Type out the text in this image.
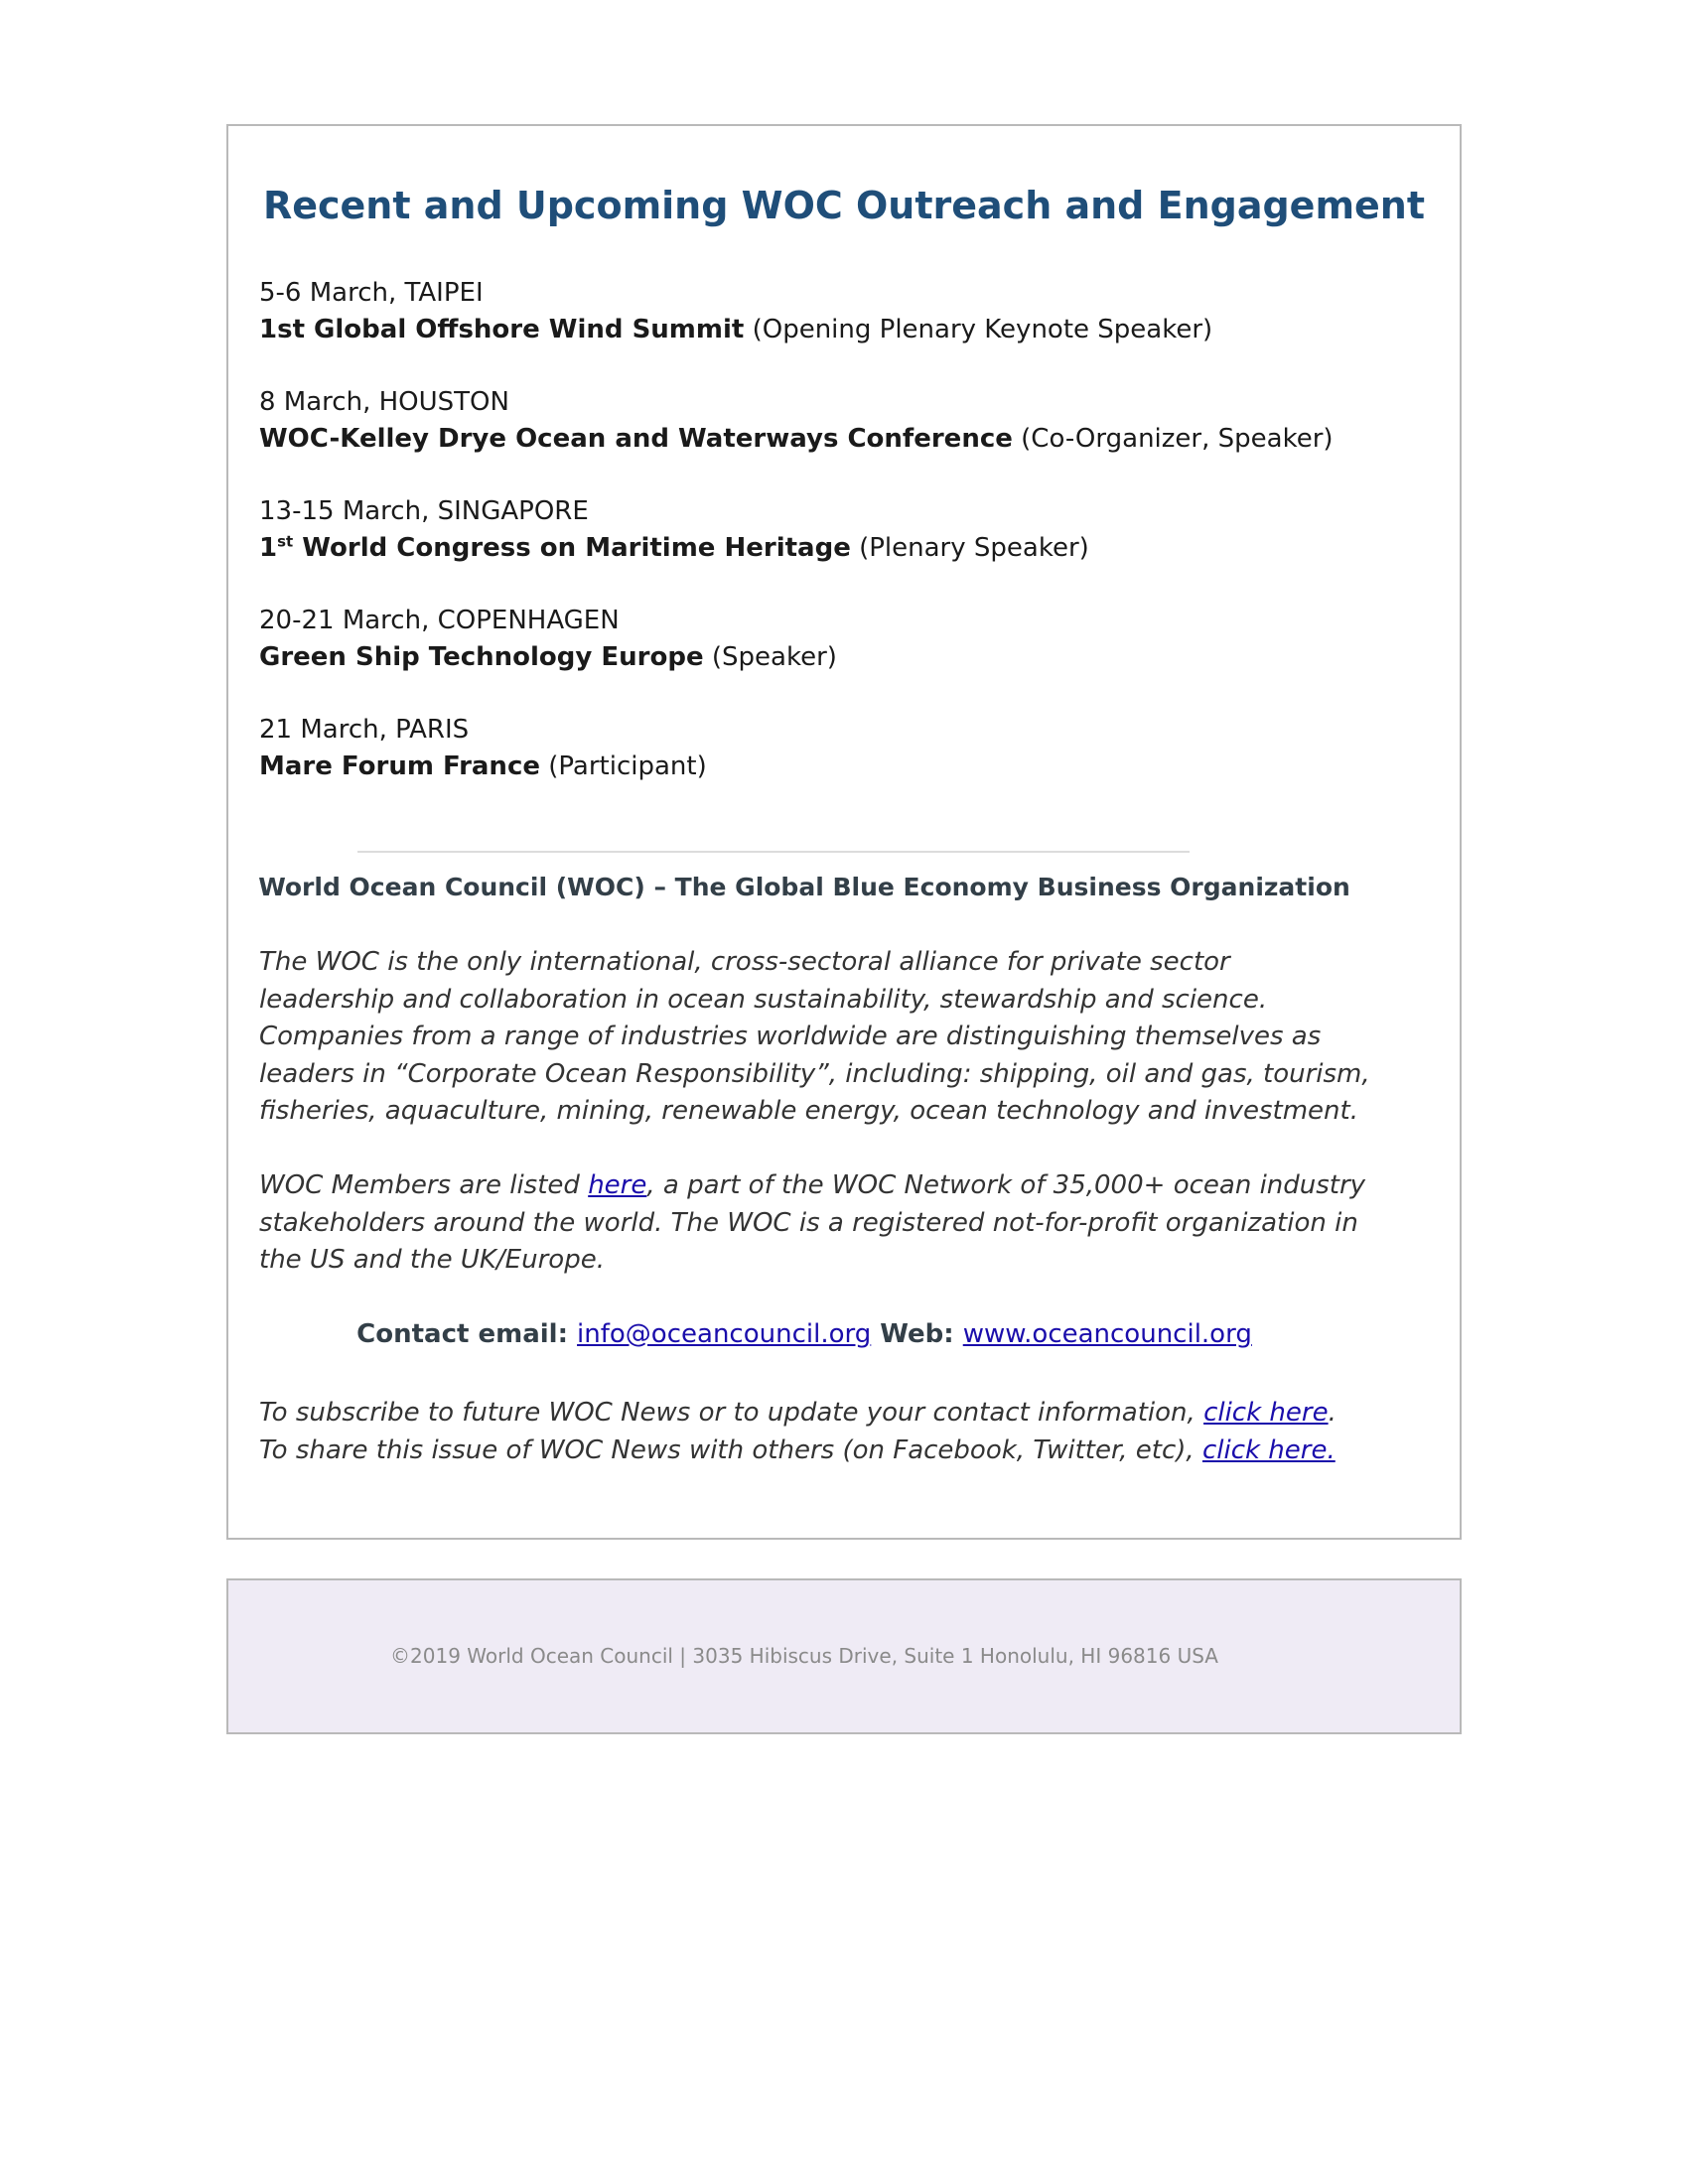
Recent and Upcoming WOC Outreach and Engagement
5-6 March, TAIPEI
1st Global Offshore Wind Summit (Opening Plenary Keynote Speaker)
8 March, HOUSTON
WOC-Kelley Drye Ocean and Waterways Conference (Co-Organizer, Speaker)
13-15 March, SINGAPORE
1st World Congress on Maritime Heritage (Plenary Speaker)
20-21 March, COPENHAGEN
Green Ship Technology Europe (Speaker)
21 March, PARIS
Mare Forum France (Participant)
World Ocean Council (WOC) – The Global Blue Economy Business Organization

The WOC is the only international, cross-sectoral alliance for private sector leadership and collaboration in ocean sustainability, stewardship and science. Companies from a range of industries worldwide are distinguishing themselves as leaders in “Corporate Ocean Responsibility”, including: shipping, oil and gas, tourism, fisheries, aquaculture, mining, renewable energy, ocean technology and investment.

WOC Members are listed here, a part of the WOC Network of 35,000+ ocean industry stakeholders around the world. The WOC is a registered not-for-profit organization in the US and the UK/Europe.

Contact email: info@oceancouncil.org Web: www.oceancouncil.org

To subscribe to future WOC News or to update your contact information, click here.
To share this issue of WOC News with others (on Facebook, Twitter, etc), click here.

©2019 World Ocean Council | 3035 Hibiscus Drive, Suite 1 Honolulu, HI 96816 USA
